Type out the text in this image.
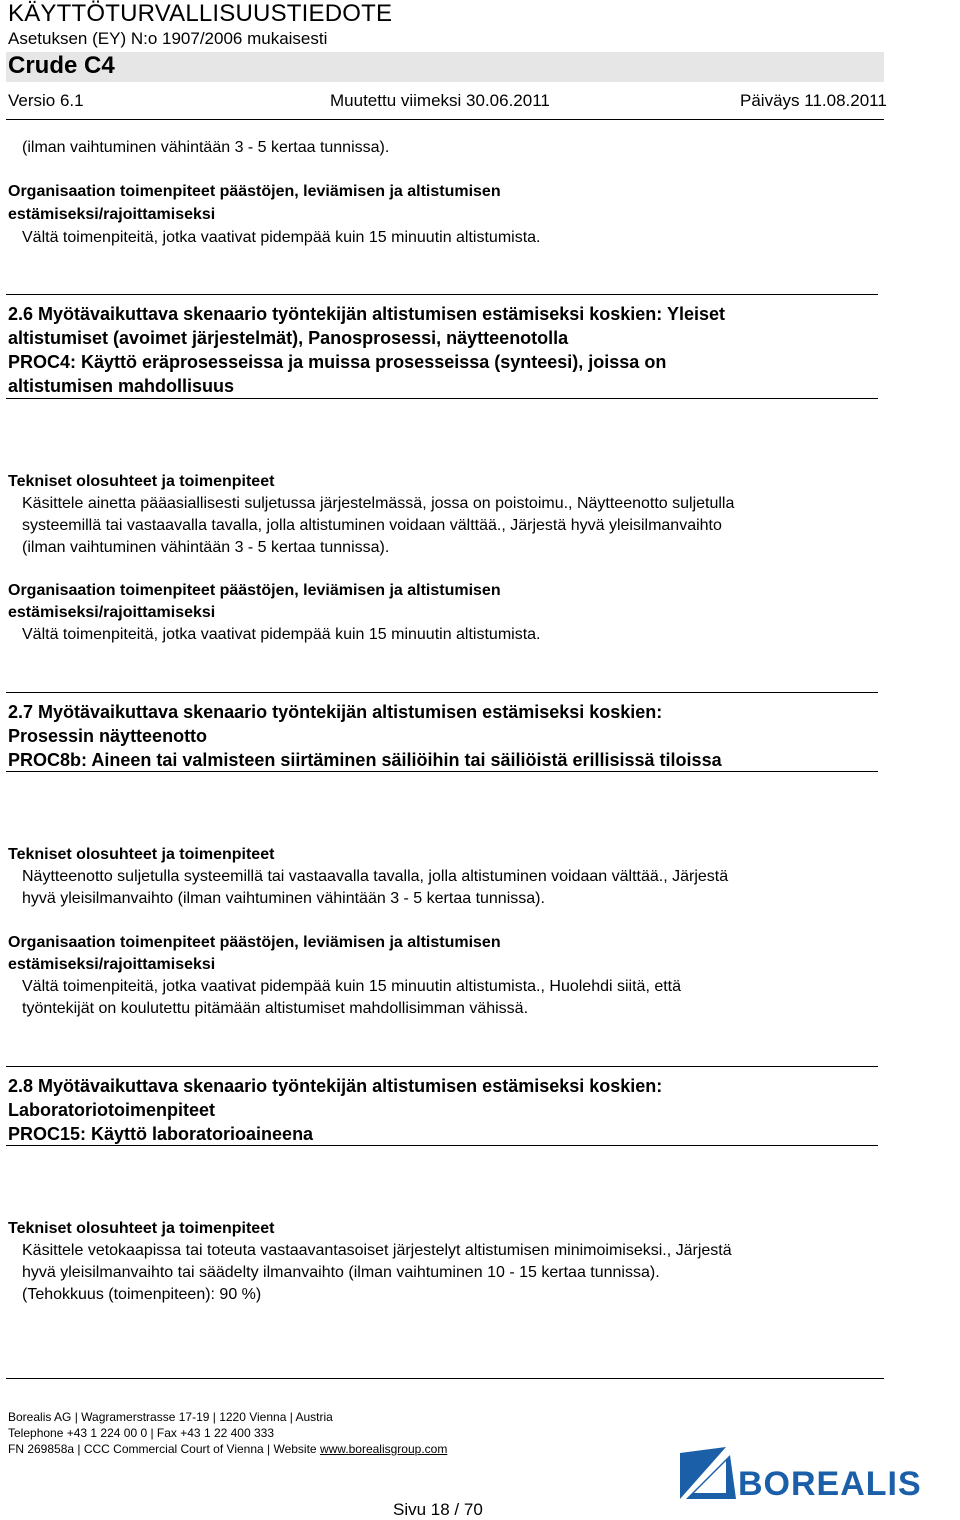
KÄYTTÖTURVALLISUUSTIEDOTE
Asetuksen (EY) N:o 1907/2006 mukaisesti
Crude C4
Versio 6.1	Muutettu viimeksi 30.06.2011	Päiväys 11.08.2011
(ilman vaihtuminen vähintään 3 - 5 kertaa tunnissa).
Organisaation toimenpiteet päästöjen, leviämisen ja altistumisen
estämiseksi/rajoittamiseksi
Vältä toimenpiteitä, jotka vaativat pidempää kuin 15 minuutin altistumista.
2.6 Myötävaikuttava skenaario työntekijän altistumisen estämiseksi koskien: Yleiset
altistumiset (avoimet järjestelmät), Panosprosessi, näytteenotolla
PROC4: Käyttö eräprosesseissa ja muissa prosesseissa (synteesi), joissa on
altistumisen mahdollisuus
Tekniset olosuhteet ja toimenpiteet
Käsittele ainetta pääasiallisesti suljetussa järjestelmässä, jossa on poistoimu., Näytteenotto suljetulla
systeemillä tai vastaavalla tavalla, jolla altistuminen voidaan välttää., Järjestä hyvä yleisilmanvaihto
(ilman vaihtuminen vähintään 3 - 5 kertaa tunnissa).
Organisaation toimenpiteet päästöjen, leviämisen ja altistumisen
estämiseksi/rajoittamiseksi
Vältä toimenpiteitä, jotka vaativat pidempää kuin 15 minuutin altistumista.
2.7 Myötävaikuttava skenaario työntekijän altistumisen estämiseksi koskien:
Prosessin näytteenotto
PROC8b: Aineen tai valmisteen siirtäminen säiliöihin tai säiliöistä erillisissä tiloissa
Tekniset olosuhteet ja toimenpiteet
Näytteenotto suljetulla systeemillä tai vastaavalla tavalla, jolla altistuminen voidaan välttää., Järjestä
hyvä yleisilmanvaihto (ilman vaihtuminen vähintään 3 - 5 kertaa tunnissa).
Organisaation toimenpiteet päästöjen, leviämisen ja altistumisen
estämiseksi/rajoittamiseksi
Vältä toimenpiteitä, jotka vaativat pidempää kuin 15 minuutin altistumista., Huolehdi siitä, että
työntekijät on koulutettu pitämään altistumiset mahdollisimman vähissä.
2.8 Myötävaikuttava skenaario työntekijän altistumisen estämiseksi koskien:
Laboratoriotoimenpiteet
PROC15: Käyttö laboratorioaineena
Tekniset olosuhteet ja toimenpiteet
Käsittele vetokaapissa tai toteuta vastaavantasoiset järjestelyt altistumisen minimoimiseksi., Järjestä
hyvä yleisilmanvaihto tai säädelty ilmanvaihto (ilman vaihtuminen 10 - 15 kertaa tunnissa).
(Tehokkuus (toimenpiteen): 90 %)
Borealis AG | Wagramerstrasse 17-19 | 1220 Vienna | Austria
Telephone +43 1 224 00 0 | Fax +43 1 22 400 333
FN 269858a | CCC Commercial Court of Vienna | Website www.borealisgroup.com
BOREALIS
Sivu 18 / 70
